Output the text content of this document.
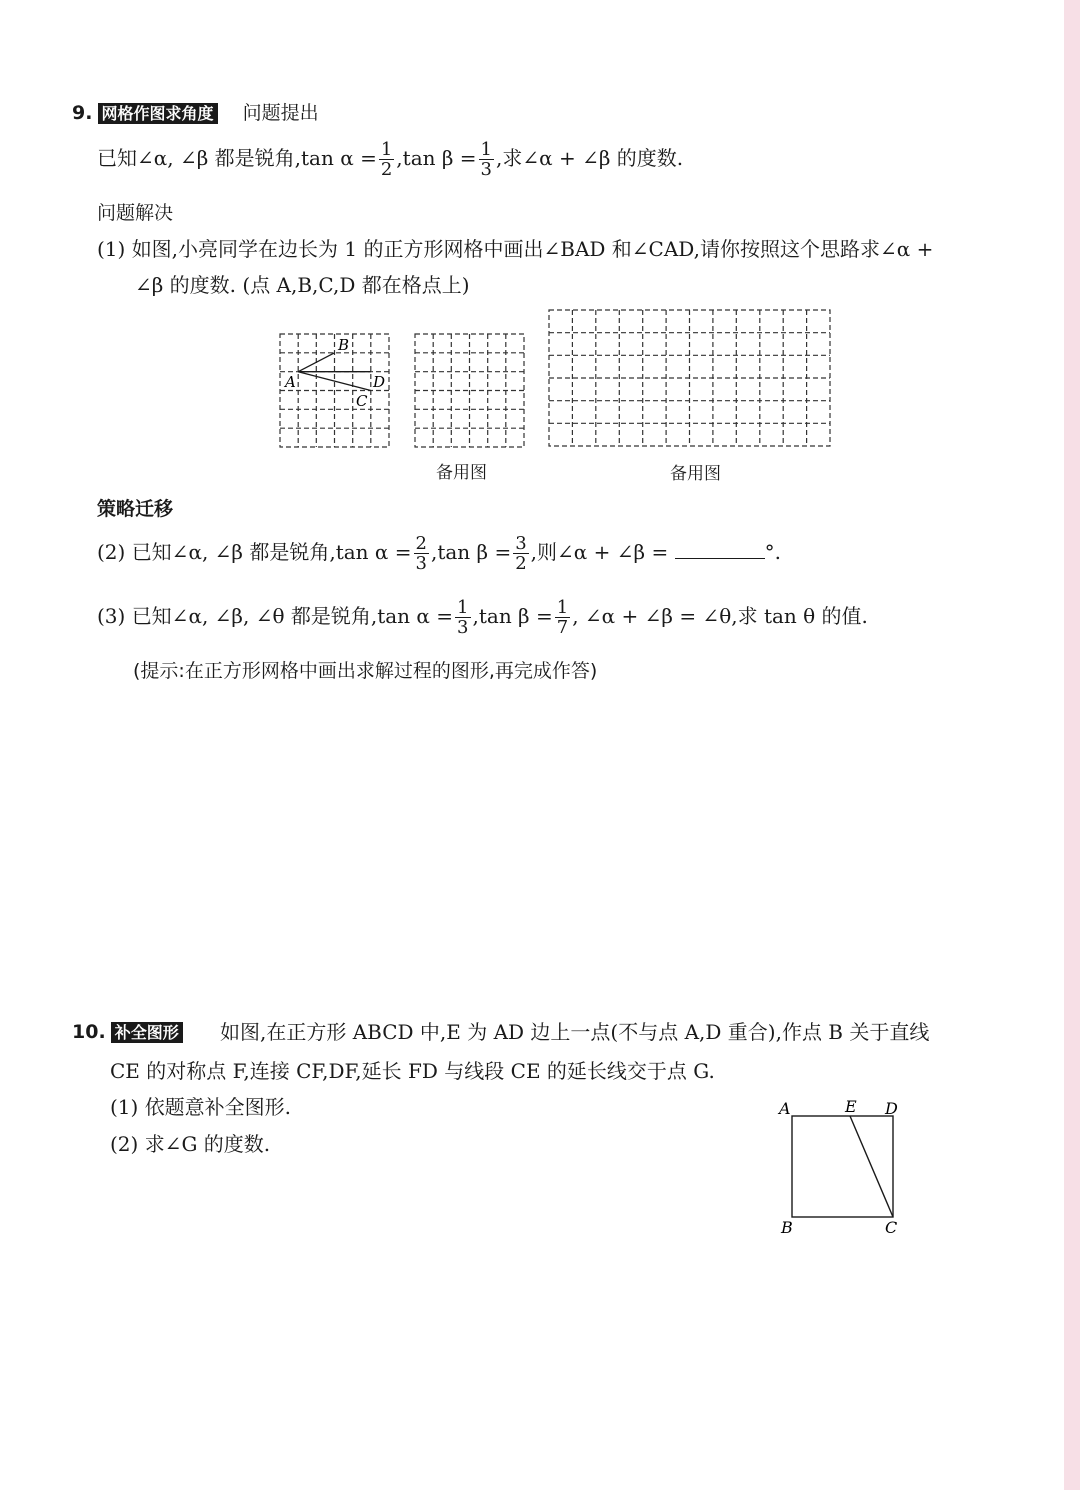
9. 网格作图求角度 问题提出
已知∠α, ∠β 都是锐角,tan $\alpha = \frac{1}{2} ,\tan$ $\beta = \frac{1}{3}$ ,求∠α + ∠β 的度数.
问题解决
(1) 如图,小亮同学在边长为 1 的正方形网格中画出∠BAD 和∠CAD,请你按照这个思路求∠α +
∠β 的度数. (点 A,B,C,D 都在格点上)
A
B
C
D
备用图	备用图
策略迁移
(2) 已知∠α, ∠β 都是锐角,tan $\alpha = \frac{2}{3} ,\tan$ $\beta = \frac{3}{2}$ ,则∠α + ∠β =	°.
(3) 已知∠α, ∠β, ∠θ 都是锐角,tan $\alpha = \frac{1}{3} ,\tan$ $\beta = \frac{1}{7}$ , ∠α + ∠β = ∠θ,求 tan θ 的值.
(提示:在正方形网格中画出求解过程的图形,再完成作答)
10. 补全图形 如图,在正方形 ABCD 中,E 为 AD 边上一点(不与点 A,D 重合),作点 B 关于直线
CE 的对称点 F,连接 CF,DF,延长 FD 与线段 CE 的延长线交于点 G.
(1) 依题意补全图形.
(2) 求∠G 的度数.
A	E D
B	C
